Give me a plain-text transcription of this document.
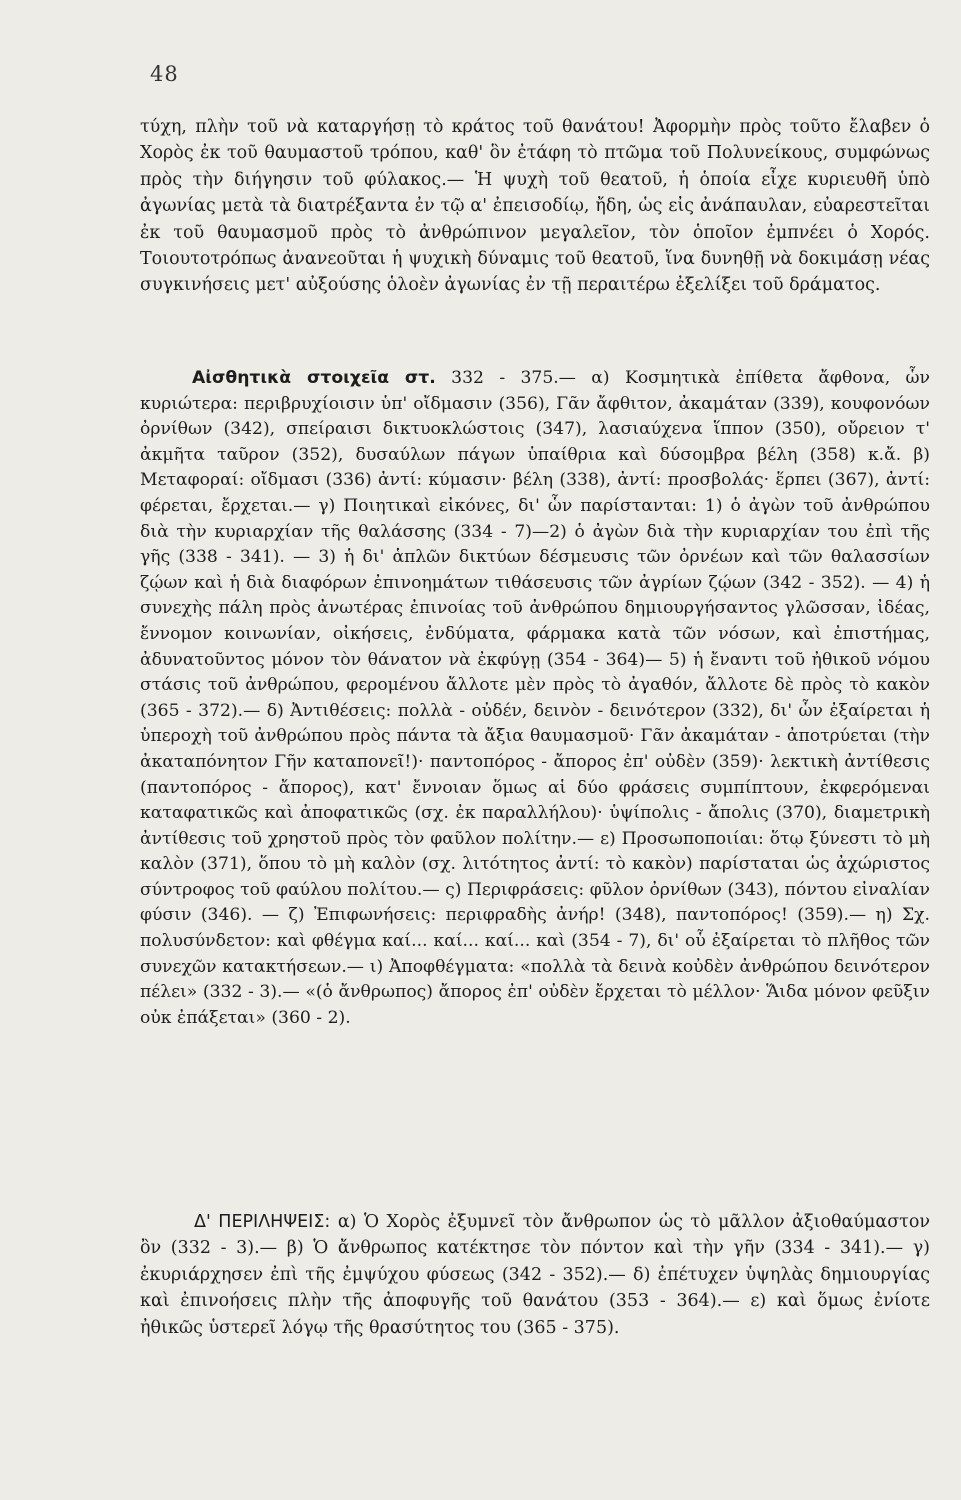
48

τύχη, πλὴν τοῦ νὰ καταργήσῃ τὸ κράτος τοῦ θανάτου! Ἀφορμὴν πρὸς τοῦτο ἔλαβεν ὁ Χορὸς ἐκ τοῦ θαυμαστοῦ τρόπου, καθ' ὃν ἐτάφη τὸ πτῶμα τοῦ Πολυνείκους, συμφώνως πρὸς τὴν διήγησιν τοῦ φύλακος.— Ἡ ψυχὴ τοῦ θεατοῦ, ἡ ὁποία εἶχε κυριευθῆ ὑπὸ ἀγωνίας μετὰ τὰ διατρέξαντα ἐν τῷ α' ἐπεισοδίῳ, ἤδη, ὡς εἰς ἀνάπαυλαν, εὐαρεστεῖται ἐκ τοῦ θαυμασμοῦ πρὸς τὸ ἀνθρώπινον μεγαλεῖον, τὸν ὁποῖον ἐμπνέει ὁ Χορός. Τοιουτοτρόπως ἀνανεοῦται ἡ ψυχικὴ δύναμις τοῦ θεατοῦ, ἵνα δυνηθῇ νὰ δοκιμάσῃ νέας συγκινήσεις μετ' αὐξούσης ὁλοὲν ἀγωνίας ἐν τῇ περαιτέρω ἐξελίξει τοῦ δράματος.

Αἰσθητικὰ στοιχεῖα στ. 332 - 375.— α) Κοσμητικὰ ἐπίθετα ἄφθονα, ὧν κυριώτερα: περιβρυχίοισιν ὑπ' οἴδμασιν (356), Γᾶν ἄφθιτον, ἀκαμάταν (339), κουφονόων ὀρνίθων (342), σπείραισι δικτυοκλώστοις (347), λασιαύχενα ἵππον (350), οὔρειον τ' ἀκμῆτα ταῦρον (352), δυσαύλων πάγων ὑπαίθρια καὶ δύσομβρα βέλη (358) κ.ἄ. β) Μεταφοραί: οἴδμασι (336) ἀντί: κύμασιν· βέλη (338), ἀντί: προσβολάς· ἕρπει (367), ἀντί: φέρεται, ἔρχεται.— γ) Ποιητικαὶ εἰκόνες, δι' ὧν παρίστανται: 1) ὁ ἀγὼν τοῦ ἀνθρώπου διὰ τὴν κυριαρχίαν τῆς θαλάσσης (334 - 7)—2) ὁ ἀγὼν διὰ τὴν κυριαρχίαν του ἐπὶ τῆς γῆς (338 - 341). — 3) ἡ δι' ἁπλῶν δικτύων δέσμευσις τῶν ὀρνέων καὶ τῶν θαλασσίων ζῴων καὶ ἡ διὰ διαφόρων ἐπινοημάτων τιθάσευσις τῶν ἀγρίων ζῴων (342 - 352). — 4) ἡ συνεχὴς πάλη πρὸς ἀνωτέρας ἐπινοίας τοῦ ἀνθρώπου δημιουργήσαντος γλῶσσαν, ἰδέας, ἔννομον κοινωνίαν, οἰκήσεις, ἐνδύματα, φάρμακα κατὰ τῶν νόσων, καὶ ἐπιστήμας, ἀδυνατοῦντος μόνον τὸν θάνατον νὰ ἐκφύγῃ (354 - 364)— 5) ἡ ἔναντι τοῦ ἠθικοῦ νόμου στάσις τοῦ ἀνθρώπου, φερομένου ἄλλοτε μὲν πρὸς τὸ ἀγαθόν, ἄλλοτε δὲ πρὸς τὸ κακὸν (365 - 372).— δ) Ἀντιθέσεις: πολλὰ - οὐδέν, δεινὸν - δεινότερον (332), δι' ὧν ἐξαίρεται ἡ ὑπεροχὴ τοῦ ἀνθρώπου πρὸς πάντα τὰ ἄξια θαυμασμοῦ· Γᾶν ἀκαμάταν - ἀποτρύεται (τὴν ἀκαταπόνητον Γῆν καταπονεῖ!)· παντοπόρος - ἄπορος ἐπ' οὐδὲν (359)· λεκτικὴ ἀντίθεσις (παντοπόρος - ἄπορος), κατ' ἔννοιαν ὅμως αἱ δύο φράσεις συμπίπτουν, ἐκφερόμεναι καταφατικῶς καὶ ἀποφατικῶς (σχ. ἐκ παραλλήλου)· ὑψίπολις - ἄπολις (370), διαμετρικὴ ἀντίθεσις τοῦ χρηστοῦ πρὸς τὸν φαῦλον πολίτην.— ε) Προσωποποιίαι: ὅτῳ ξύνεστι τὸ μὴ καλὸν (371), ὅπου τὸ μὴ καλὸν (σχ. λιτότητος ἀντί: τὸ κακὸν) παρίσταται ὡς ἀχώριστος σύντροφος τοῦ φαύλου πολίτου.— ς) Περιφράσεις: φῦλον ὀρνίθων (343), πόντου εἰναλίαν φύσιν (346). — ζ) Ἐπιφωνήσεις: περιφραδὴς ἀνήρ! (348), παντοπόρος! (359).— η) Σχ. πολυσύνδετον: καὶ φθέγμα καί... καί... καί... καὶ (354 - 7), δι' οὗ ἐξαίρεται τὸ πλῆθος τῶν συνεχῶν κατακτήσεων.— ι) Ἀποφθέγματα: «πολλὰ τὰ δεινὰ κοὐδὲν ἀνθρώπου δεινότερον πέλει» (332 - 3).— «(ὁ ἄνθρωπος) ἄπορος ἐπ' οὐδὲν ἔρχεται τὸ μέλλον· Ἅιδα μόνον φεῦξιν οὐκ ἐπάξεται» (360 - 2).

Δ' ΠΕΡΙΛΗΨΕΙΣ: α) Ὁ Χορὸς ἐξυμνεῖ τὸν ἄνθρωπον ὡς τὸ μᾶλλον ἀξιοθαύμαστον ὂν (332 - 3).— β) Ὁ ἄνθρωπος κατέκτησε τὸν πόντον καὶ τὴν γῆν (334 - 341).— γ) ἐκυριάρχησεν ἐπὶ τῆς ἐμψύχου φύσεως (342 - 352).— δ) ἐπέτυχεν ὑψηλὰς δημιουργίας καὶ ἐπινοήσεις πλὴν τῆς ἀποφυγῆς τοῦ θανάτου (353 - 364).— ε) καὶ ὅμως ἐνίοτε ἠθικῶς ὑστερεῖ λόγῳ τῆς θρασύτητος του (365 - 375).
